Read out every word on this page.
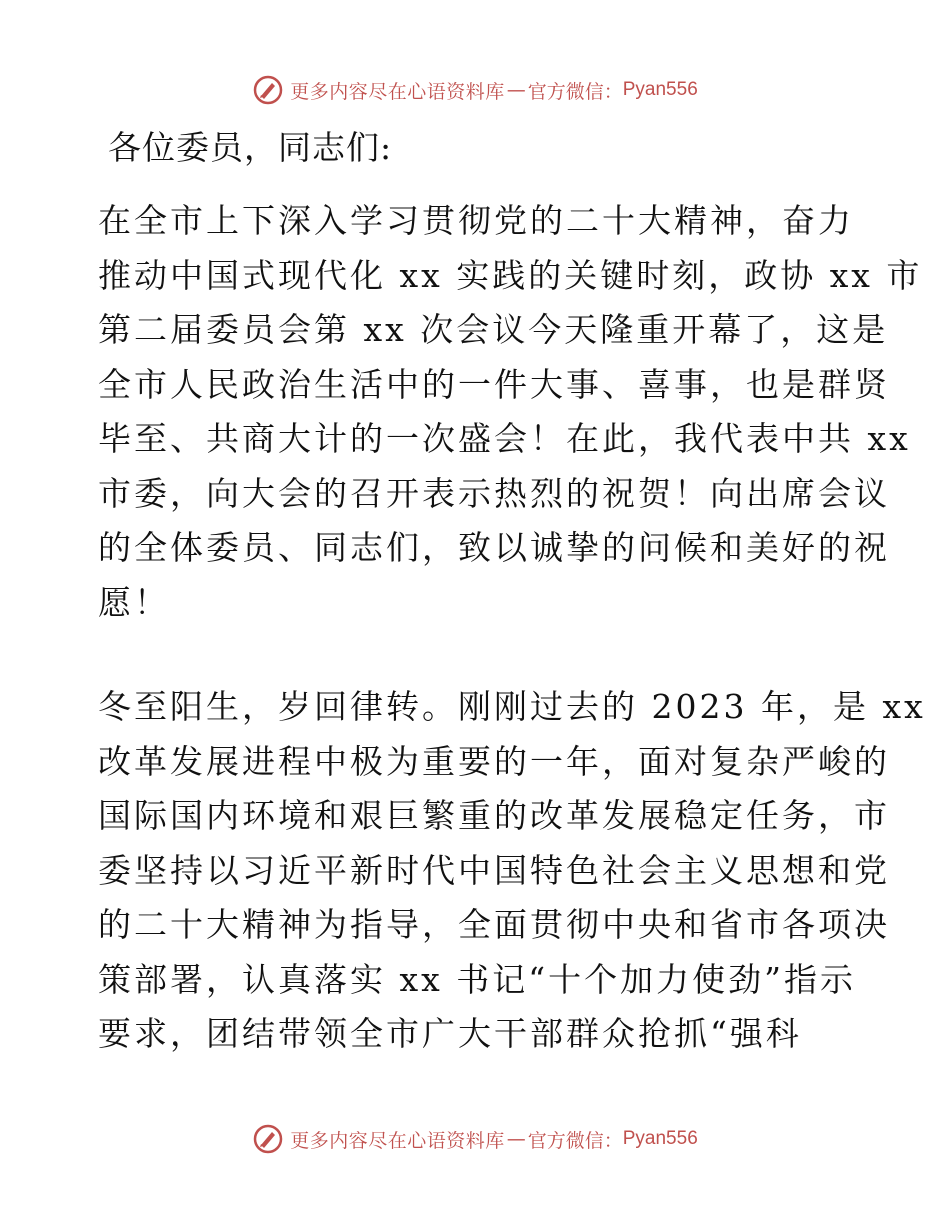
更多内容尽在心语资料库 — 官方微信： Pyan556
各位委员，同志们:
在全市上下深入学习贯彻党的二十大精神，奋力
推动中国式现代化 xx 实践的关键时刻，政协 xx 市
第二届委员会第 xx 次会议今天隆重开幕了，这是
全市人民政治生活中的一件大事、喜事，也是群贤
毕至、共商大计的一次盛会！在此，我代表中共 xx
市委，向大会的召开表示热烈的祝贺！向出席会议
的全体委员、同志们，致以诚挚的问候和美好的祝
愿！
冬至阳生，岁回律转。刚刚过去的 2023 年，是 xx
改革发展进程中极为重要的一年，面对复杂严峻的
国际国内环境和艰巨繁重的改革发展稳定任务，市
委坚持以习近平新时代中国特色社会主义思想和党
的二十大精神为指导，全面贯彻中央和省市各项决
策部署，认真落实 xx 书记“十个加力使劲”指示
要求，团结带领全市广大干部群众抢抓“强科
更多内容尽在心语资料库 — 官方微信： Pyan556
